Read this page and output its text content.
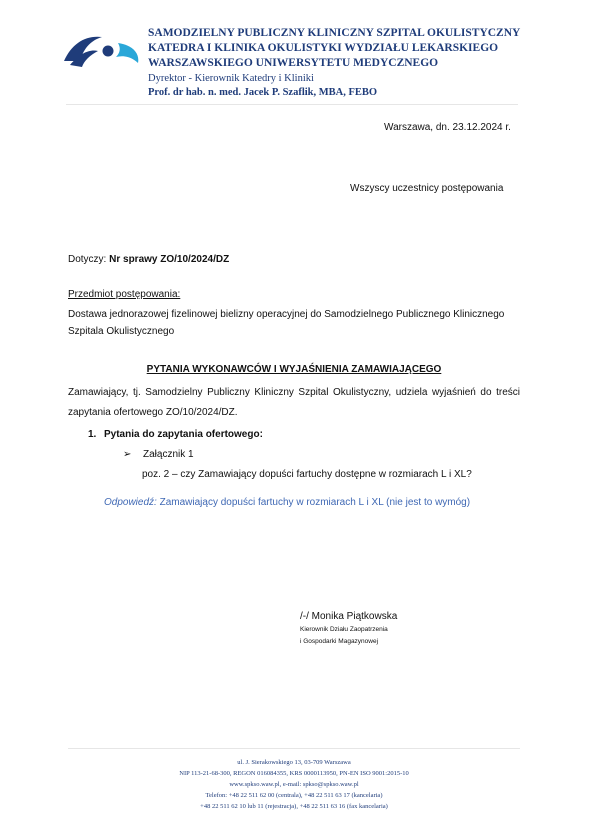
SAMODZIELNY PUBLICZNY KLINICZNY SZPITAL OKULISTYCZNY
KATEDRA I KLINIKA OKULISTYKI WYDZIAŁU LEKARSKIEGO
WARSZAWSKIEGO UNIWERSYTETU MEDYCZNEGO
Dyrektor - Kierownik Katedry i Kliniki
Prof. dr hab. n. med. Jacek P. Szaflik, MBA, FEBO
Warszawa, dn. 23.12.2024 r.
Wszyscy uczestnicy postępowania
Dotyczy: Nr sprawy ZO/10/2024/DZ
Przedmiot postępowania:
Dostawa jednorazowej fizelinowej bielizny operacyjnej do Samodzielnego Publicznego Klinicznego Szpitala Okulistycznego
PYTANIA WYKONAWCÓW I WYJAŚNIENIA ZAMAWIAJĄCEGO
Zamawiający, tj. Samodzielny Publiczny Kliniczny Szpital Okulistyczny, udziela wyjaśnień do treści zapytania ofertowego ZO/10/2024/DZ.
1. Pytania do zapytania ofertowego:
➢ Załącznik 1
poz. 2 – czy Zamawiający dopuści fartuchy dostępne w rozmiarach L i XL?
Odpowiedź: Zamawiający dopuści fartuchy w rozmiarach L i XL (nie jest to wymóg)
/-/ Monika Piątkowska
Kierownik Działu Zaopatrzenia
i Gospodarki Magazynowej
ul. J. Sierakowskiego 13, 03-709 Warszawa
NIP 113-21-68-300, REGON 016084355, KRS 0000113950, PN-EN ISO 9001:2015-10
www.spkso.waw.pl, e-mail: spkso@spkso.waw.pl
Telefon: +48 22 511 62 00 (centrala), +48 22 511 63 17 (kancelaria)
+48 22 511 62 10 lub 11 (rejestracja), +48 22 511 63 16 (fax kancelaria)
